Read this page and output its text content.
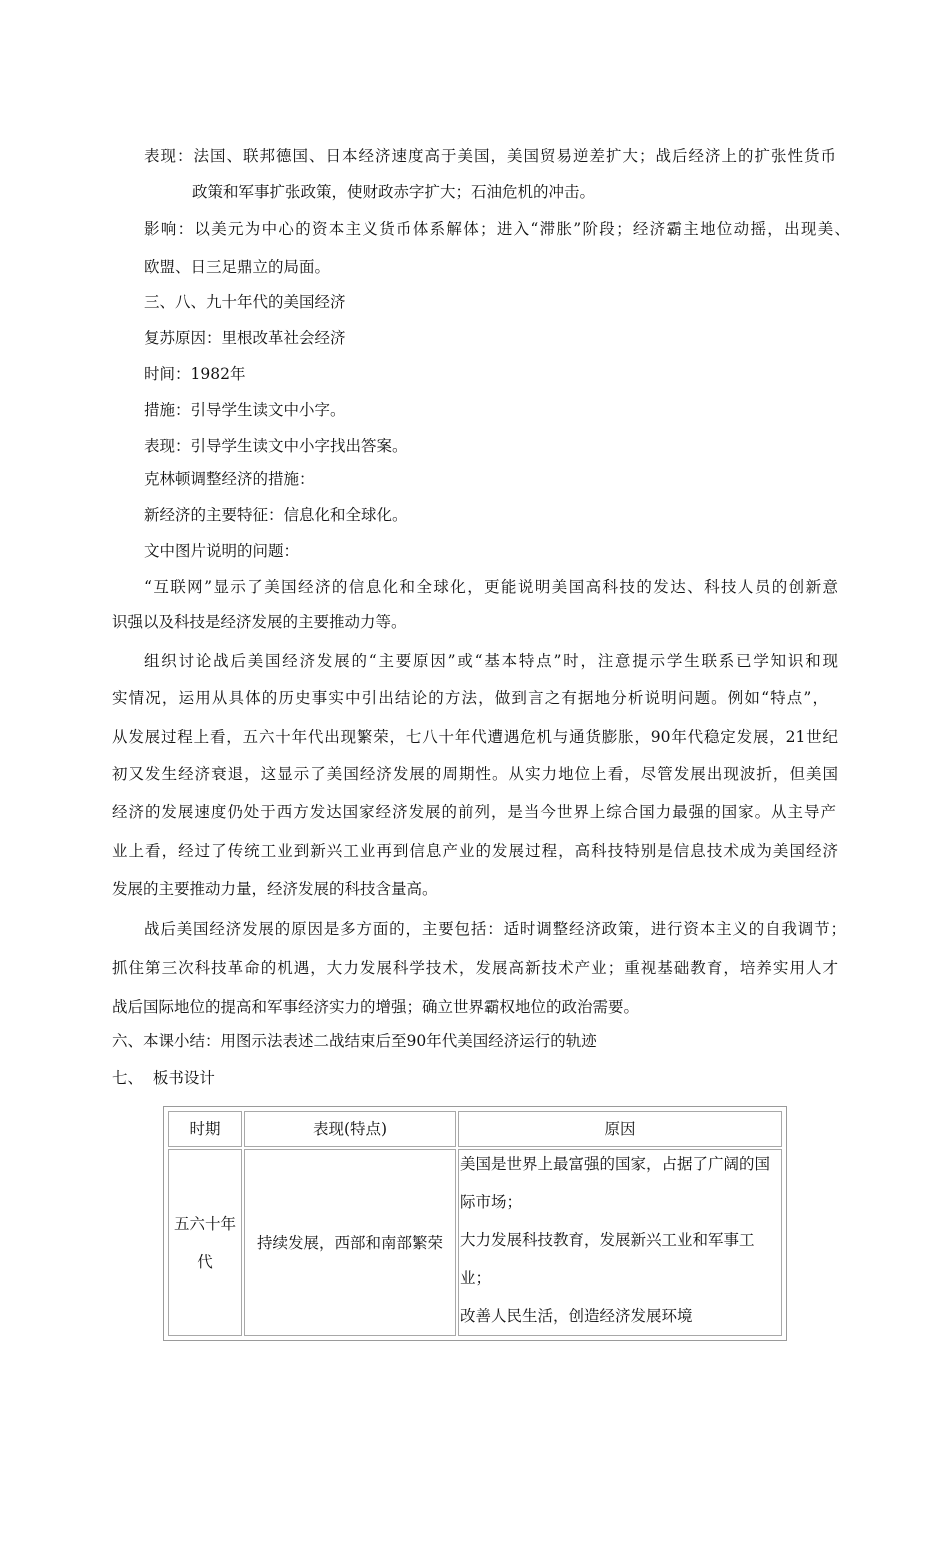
表现：法国、联邦德国、日本经济速度高于美国，美国贸易逆差扩大；战后经济上的扩张性货币

政策和军事扩张政策，使财政赤字扩大；石油危机的冲击。

影响：以美元为中心的资本主义货币体系解体；进入“滞胀”阶段；经济霸主地位动摇，出现美、

欧盟、日三足鼎立的局面。

三、八、九十年代的美国经济

复苏原因：里根改革社会经济

时间：1982年

措施：引导学生读文中小字。

表现：引导学生读文中小字找出答案。

克林顿调整经济的措施：

新经济的主要特征：信息化和全球化。

文中图片说明的问题：

“互联网”显示了美国经济的信息化和全球化，更能说明美国高科技的发达、科技人员的创新意

识强以及科技是经济发展的主要推动力等。

组织讨论战后美国经济发展的“主要原因”或“基本特点”时，注意提示学生联系已学知识和现

实情况，运用从具体的历史事实中引出结论的方法，做到言之有据地分析说明问题。例如“特点”，

从发展过程上看，五六十年代出现繁荣，七八十年代遭遇危机与通货膨胀，90年代稳定发展，21世纪

初又发生经济衰退，这显示了美国经济发展的周期性。从实力地位上看，尽管发展出现波折，但美国

经济的发展速度仍处于西方发达国家经济发展的前列，是当今世界上综合国力最强的国家。从主导产

业上看，经过了传统工业到新兴工业再到信息产业的发展过程，高科技特别是信息技术成为美国经济

发展的主要推动力量，经济发展的科技含量高。

战后美国经济发展的原因是多方面的，主要包括：适时调整经济政策，进行资本主义的自我调节；

抓住第三次科技革命的机遇，大力发展科学技术，发展高新技术产业；重视基础教育，培养实用人才

战后国际地位的提高和军事经济实力的增强；确立世界霸权地位的政治需要。

六、本课小结：用图示法表述二战结束后至90年代美国经济运行的轨迹

七、  板书设计

时期	表现(特点)	原因

五六十年
代	持续发展，西部和南部繁荣	美国是世界上最富强的国家，占据了广阔的国
际市场；
大力发展科技教育，发展新兴工业和军事工
业；
改善人民生活，创造经济发展环境
